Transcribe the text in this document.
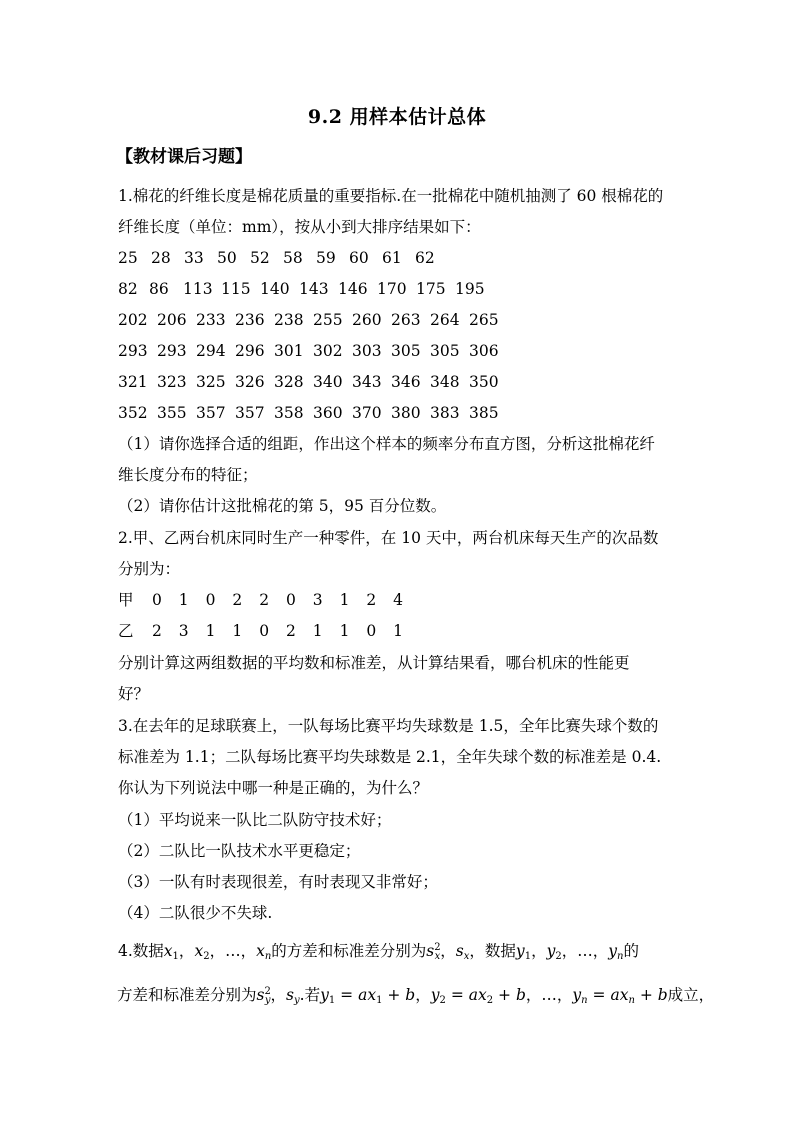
9.2 用样本估计总体
【教材课后习题】
1.棉花的纤维长度是棉花质量的重要指标.在一批棉花中随机抽测了 60 根棉花的
纤维长度（单位：mm），按从小到大排序结果如下：
25 28 33 50 52 58 59 60 61 62
82 86 113 115 140 143 146 170 175 195
202 206 233 236 238 255 260 263 264 265
293 293 294 296 301 302 303 305 305 306
321 323 325 326 328 340 343 346 348 350
352 355 357 357 358 360 370 380 383 385
（1）请你选择合适的组距，作出这个样本的频率分布直方图，分析这批棉花纤
维长度分布的特征；
（2）请你估计这批棉花的第 5，95 百分位数。
2.甲、乙两台机床同时生产一种零件，在 10 天中，两台机床每天生产的次品数
分别为：
甲 0 1 0 2 2 0 3 1 2 4
乙 2 3 1 1 0 2 1 1 0 1
分别计算这两组数据的平均数和标准差，从计算结果看，哪台机床的性能更
好？
3.在去年的足球联赛上，一队每场比赛平均失球数是 1.5，全年比赛失球个数的
标准差为 1.1；二队每场比赛平均失球数是 2.1，全年失球个数的标准差是 0.4.
你认为下列说法中哪一种是正确的，为什么？
（1）平均说来一队比二队防守技术好；
（2）二队比一队技术水平更稳定；
（3）一队有时表现很差，有时表现又非常好；
（4）二队很少不失球.
4.数据$x_1$，$x_2$，…，$x_n$的方差和标准差分别为$s^2_x$，$s_x$，数据$y_1$，$y_2$，…，$y_n$的
方差和标准差分别为$s^2_y$，$s_y$.若$y_1 = ax_1 + b$，$y_2 = ax_2 + b$，…，$y_n = ax_n + b$成立，
